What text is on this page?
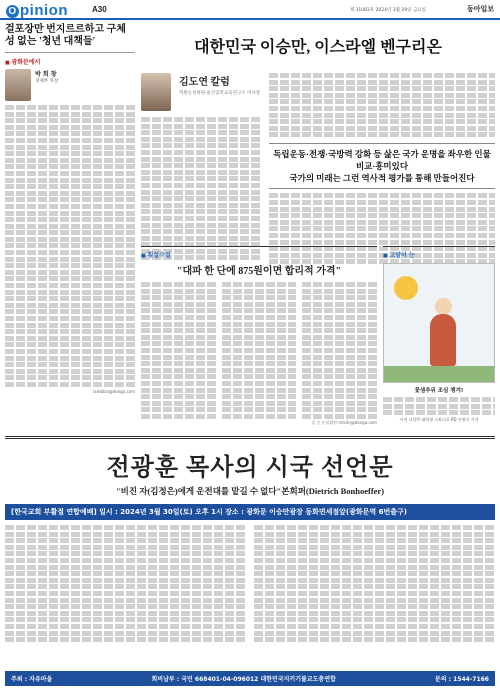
O pinion	A30	제 31083호 2024년 3월 29일 금요일	동아일보
걸포장만 번지르르하고 구체성 없는 '청년 대책들'
■ 광화문에서
박 희 창
경제부 차장
ramblas@donga.com
대한민국 이승만, 이스라엘 벤구리온
김도연 칼럼
객원논설위원·울산공학교육연구소 이사장
독립운동·전쟁·국방력 강화 등 삶은 국가 운명을 좌우한 인물 비교·흥미있다
국가의 미래는 그런 역사적 평가를 통해 만들어진다
■ 횡설수설
"대파 한 단에 875원이면 합리적 가격"
김 중 논설위원 mikim@donga.com
■ 고양이 눈
꽃샘추위 조심 챙겨!
사진 나상반 대학생 스튜디오 PD 신원건 기자
전광훈 목사의 시국 선언문
"비진 자(김정은)에게 운전대를 맡길 수 없다"본회퍼(Dietrich Bonhoeffer)
[한국교회 부활절 연합예배] 일시 : 2024년 3월 30일(토) 오후 1시 장소 : 광화문 이승만광장 동화면세점앞(광화문역 6번출구)
주최 : 자유마을	회비납부 : 국민 668401-04-096012 대한민국지키기불교도총연합	문의 : 1544-7166
